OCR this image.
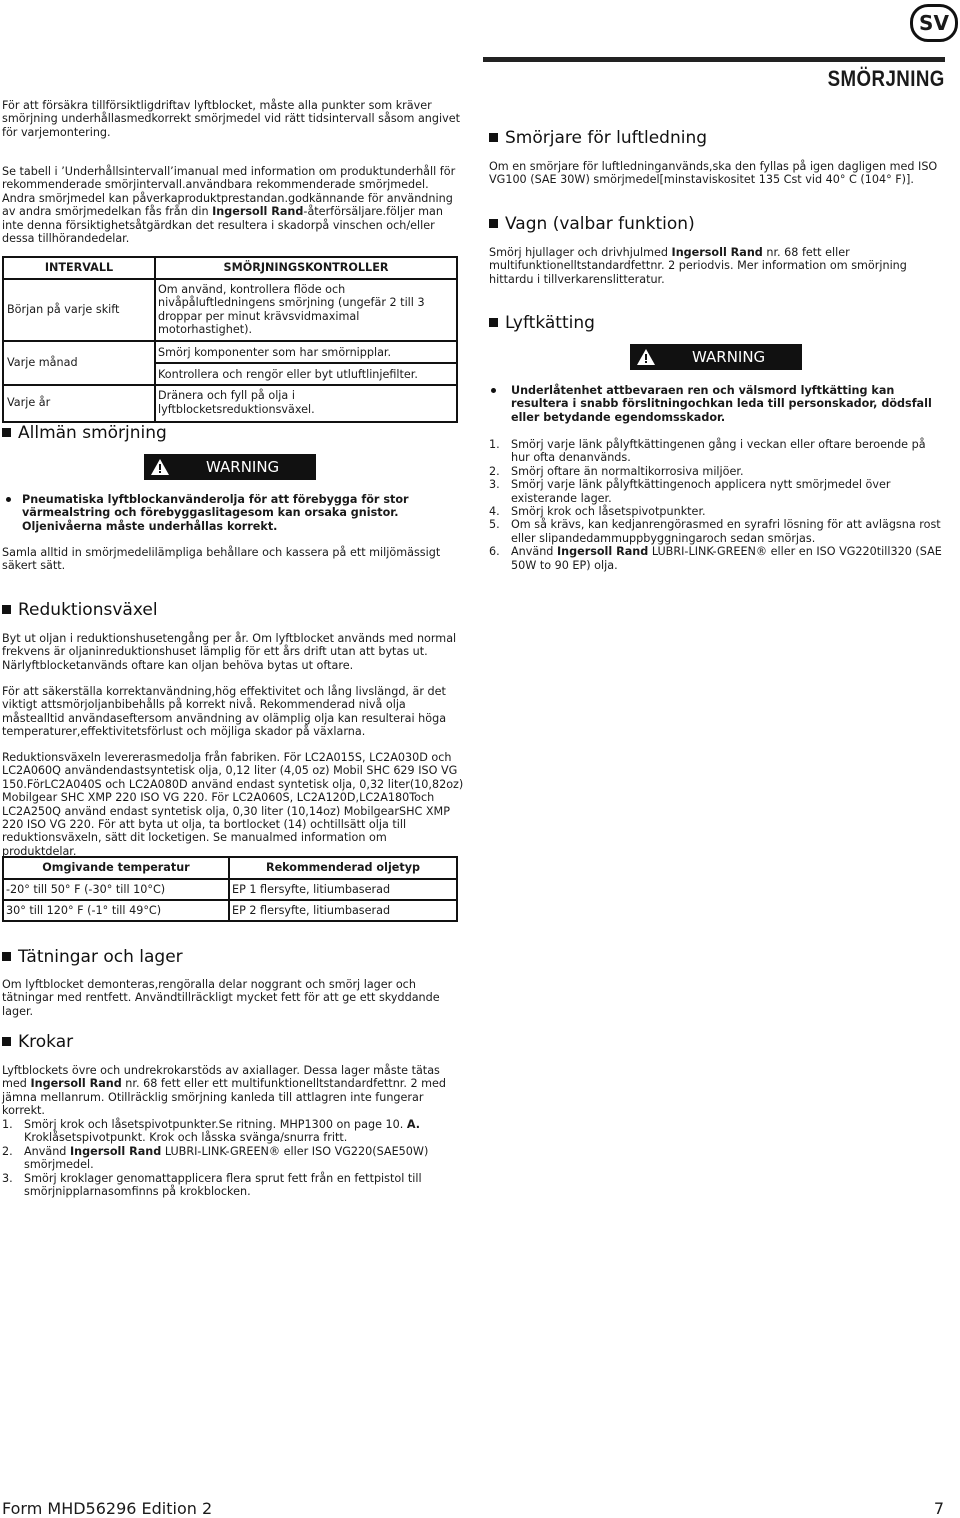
SV
SMÖRJNING

För att försäkra tillförsiktligdriftav lyftblocket, måste alla punkter som kräver smörjning underhållasmedkorrekt smörjmedel vid rätt tidsintervall såsom angivet för varjemontering.

Se tabell i ’Underhållsintervall’imanual med information om produktunderhåll för rekommenderade smörjintervall.användbara rekommenderade smörjmedel. Andra smörjmedel kan påverkaproduktprestandan.godkännande för användning av andra smörjmedelkan fås från din Ingersoll Rand-återförsäljare.följer man inte denna försiktighetsåtgärdkan det resultera i skadorpå vinschen och/eller dessa tillhörandedelar.

INTERVALL	SMÖRJNINGSKONTROLLER
Början på varje skift	Om använd, kontrollera flöde och nivåpåluftledningens smörjning (ungefär 2 till 3 droppar per minut krävsvidmaximal motorhastighet).
Varje månad	Smörj komponenter som har smörnipplar.
	Kontrollera och rengör eller byt utluftlinjefilter.
Varje år	Dränera och fyll på olja i lyftblocketsreduktionsväxel.
Allmän smörjning
WARNING

Pneumatiska lyftblockanvänderolja för att förebygga för stor värmealstring och förebyggaslitagesom kan orsaka gnistor. Oljenivåerna måste underhållas korrekt.

Samla alltid in smörjmedelilämpliga behållare och kassera på ett miljömässigt säkert sätt.

Reduktionsväxel

Byt ut oljan i reduktionshusetengång per år. Om lyftblocket används med normal frekvens är oljaninreduktionshuset lämplig för ett års drift utan att bytas ut. Närlyftblocketanvänds oftare kan oljan behöva bytas ut oftare.

För att säkerställa korrektanvändning,hög effektivitet och lång livslängd, är det viktigt attsmörjoljanbibehålls på korrekt nivå. Rekommenderad nivå olja måstealltid användaseftersom användning av olämplig olja kan resulterai höga temperaturer,effektivitetsförlust och möjliga skador på växlarna.

Reduktionsväxeln levererasmedolja från fabriken. För LC2A015S, LC2A030D och LC2A060Q användendastsyntetisk olja, 0,12 liter (4,05 oz) Mobil SHC 629 ISO VG 150.FörLC2A040S och LC2A080D använd endast syntetisk olja, 0,32 liter(10,82oz) Mobilgear SHC XMP 220 ISO VG 220. För LC2A060S, LC2A120D,LC2A180Toch LC2A250Q använd endast syntetisk olja, 0,30 liter (10,14oz) MobilgearSHC XMP 220 ISO VG 220. För att byta ut olja, ta bortlocket (14) ochtillsätt olja till reduktionsväxeln, sätt dit locketigen. Se manualmed information om produktdelar.

Omgivande temperatur	Rekommenderad oljetyp
-20° till 50° F (-30° till 10°C)	EP 1 flersyfte, litiumbaserad
30° till 120° F (-1° till 49°C)	EP 2 flersyfte, litiumbaserad
Tätningar och lager

Om lyftblocket demonteras,rengöralla delar noggrant och smörj lager och tätningar med rentfett. Användtillräckligt mycket fett för att ge ett skyddande lager.

Krokar

Lyftblockets övre och undrekrokarstöds av axiallager. Dessa lager måste tätas med Ingersoll Rand nr. 68 fett eller ett multifunktionelltstandardfettnr. 2 med jämna mellanrum. Otillräcklig smörjning kanleda till attlagren inte fungerar korrekt.

1. Smörj krok och låsetspivotpunkter.Se ritning. MHP1300 on page 10. A. Kroklåsetspivotpunkt. Krok och låsska svänga/snurra fritt.
2. Använd Ingersoll Rand LUBRI-LINK-GREEN® eller ISO VG220(SAE50W) smörjmedel.
3. Smörj kroklager genomattapplicera flera sprut fett från en fettpistol till smörjnipplarnasomfinns på krokblocken.
Smörjare för luftledning

Om en smörjare för luftledninganvänds,ska den fyllas på igen dagligen med ISO VG100 (SAE 30W) smörjmedel[minstaviskositet 135 Cst vid 40° C (104° F)].

Vagn (valbar funktion)

Smörj hjullager och drivhjulmed Ingersoll Rand nr. 68 fett eller multifunktionelltstandardfettnr. 2 periodvis. Mer information om smörjning hittardu i tillverkarenslitteratur.

Lyftkätting
WARNING

Underlåtenhet attbevaraen ren och välsmord lyftkätting kan resultera i snabb förslitningochkan leda till personskador, dödsfall eller betydande egendomsskador.

1. Smörj varje länk pålyftkättingenen gång i veckan eller oftare beroende på hur ofta denanvänds.
2. Smörj oftare än normaltikorrosiva miljöer.
3. Smörj varje länk pålyftkättingenoch applicera nytt smörjmedel över existerande lager.
4. Smörj krok och låsetspivotpunkter.
5. Om så krävs, kan kedjanrengörasmed en syrafri lösning för att avlägsna rost eller slipandedammuppbyggningaroch sedan smörjas.
6. Använd Ingersoll Rand LUBRI-LINK-GREEN® eller en ISO VG220till320 (SAE 50W to 90 EP) olja.
Form MHD56296 Edition 2	7
